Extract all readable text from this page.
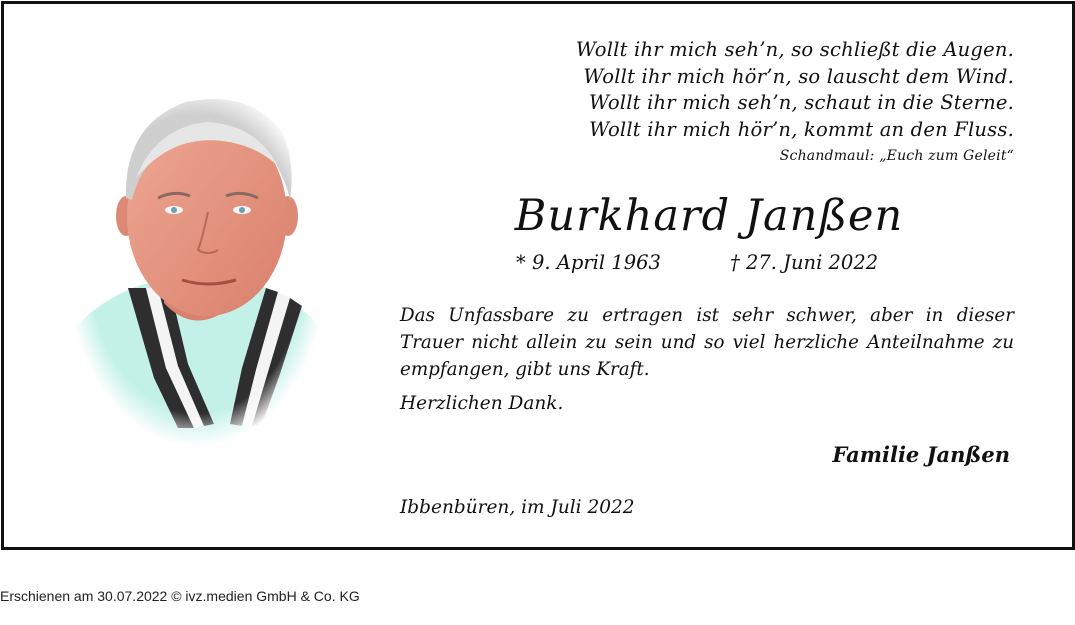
Wollt ihr mich seh’n, so schließt die Augen.
Wollt ihr mich hör’n, so lauscht dem Wind.
Wollt ihr mich seh’n, schaut in die Sterne.
Wollt ihr mich hör’n, kommt an den Fluss.
Schandmaul: „Euch zum Geleit“
Burkhard Janßen
* 9. April 1963	† 27. Juni 2022
Das Unfassbare zu ertragen ist sehr schwer, aber in dieser Trauer nicht allein zu sein und so viel herzliche Anteilnahme zu empfangen, gibt uns Kraft.
Herzlichen Dank.
Familie Janßen
Ibbenbüren, im Juli 2022
Erschienen am 30.07.2022 © ivz.medien GmbH & Co. KG
